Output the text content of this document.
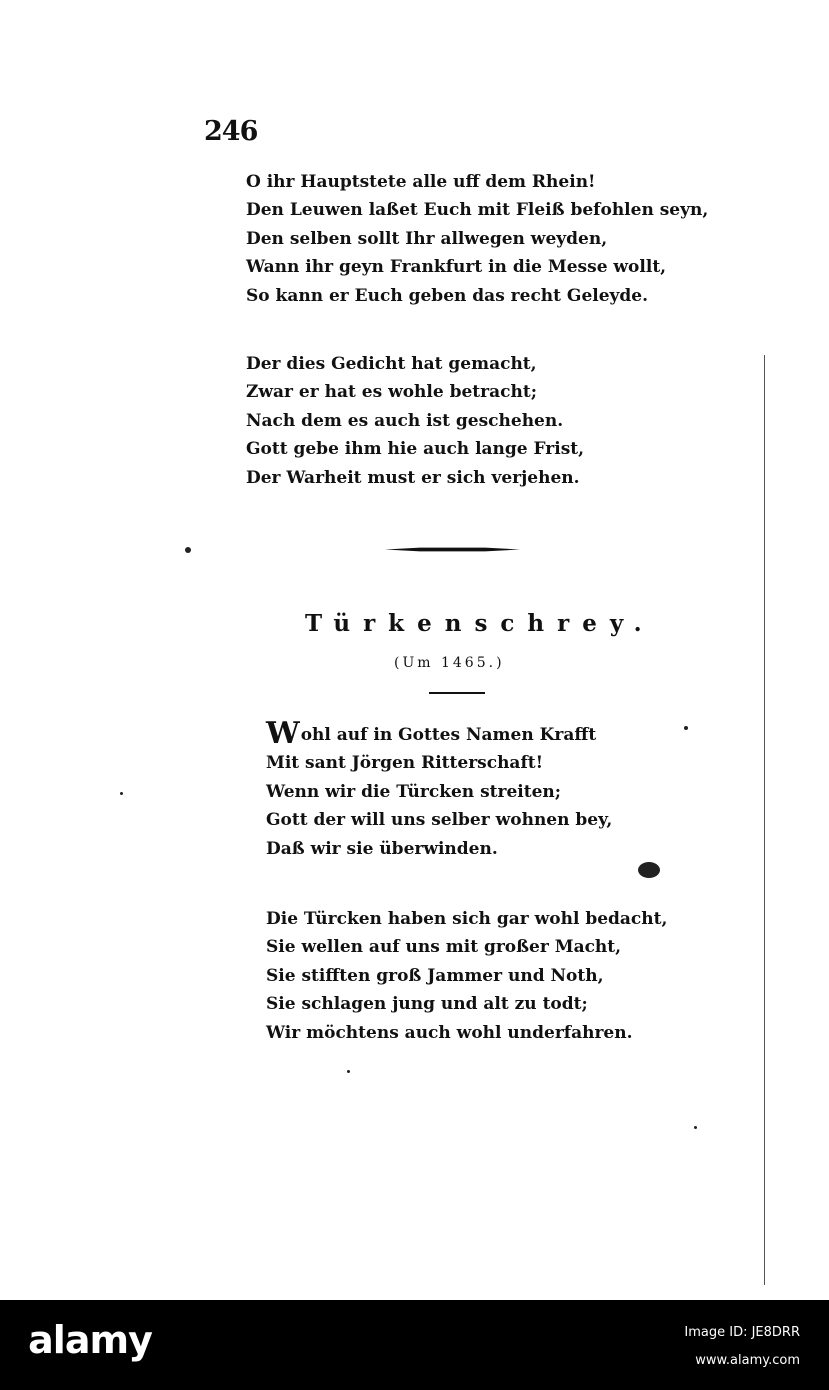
246
O ihr Hauptstete alle uff dem Rhein!
Den Leuwen laßet Euch mit Fleiß befohlen seyn,
Den selben sollt Ihr allwegen weyden,
Wann ihr geyn Frankfurt in die Messe wollt,
So kann er Euch geben das recht Geleyde.
Der dies Gedicht hat gemacht,
Zwar er hat es wohle betracht;
Nach dem es auch ist geschehen.
Gott gebe ihm hie auch lange Frist,
Der Warheit must er sich verjehen.
Türkenschrey.
(Um 1465.)
Wohl auf in Gottes Namen Krafft
Mit sant Jörgen Ritterschaft!
Wenn wir die Türcken streiten;
Gott der will uns selber wohnen bey,
Daß wir sie überwinden.
Die Türcken haben sich gar wohl bedacht,
Sie wellen auf uns mit großer Macht,
Sie stifften groß Jammer und Noth,
Sie schlagen jung und alt zu todt;
Wir möchtens auch wohl underfahren.
alamy	Image ID: JE8DRR
www.alamy.com
